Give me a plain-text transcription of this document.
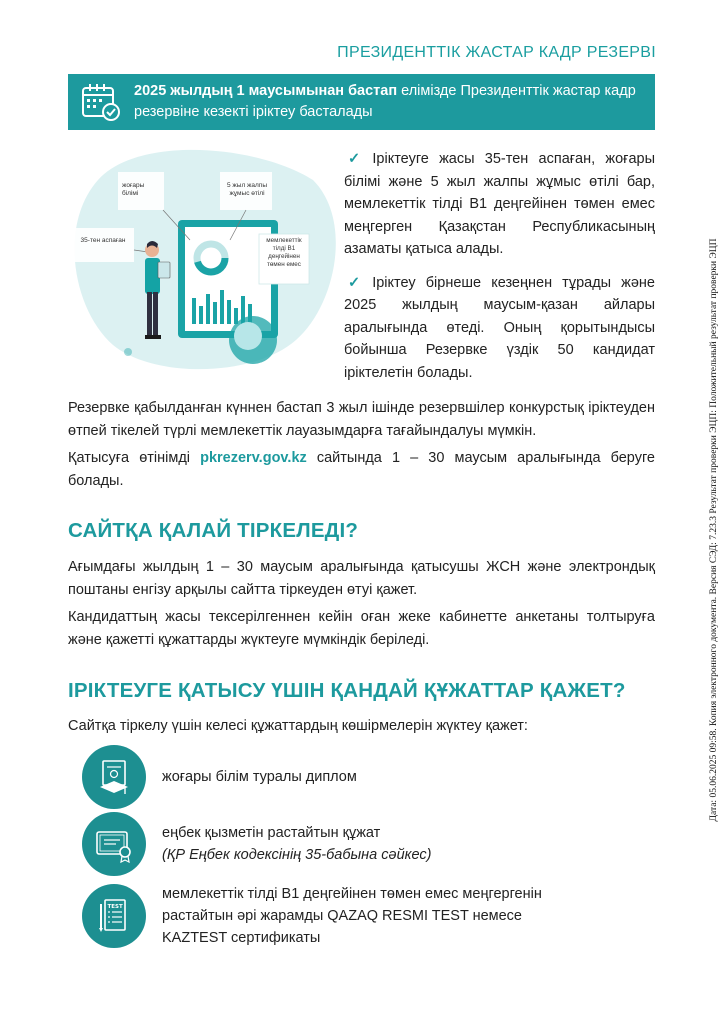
ПРЕЗИДЕНТТІК ЖАСТАР КАДР РЕЗЕРВІ
2025 жылдың 1 маусымынан бастап елімізде Президенттік жастар кадр резервіне кезекті іріктеу басталады
жоғары білімі
5 жыл жалпы жұмыс өтілі
35-тен аспаған	мемлекеттік тілді В1 деңгейінен төмен емес

✓ Іріктеуге жасы 35-тен аспаған, жоғары білімі және 5 жыл жалпы жұмыс өтілі бар, мемлекеттік тілді В1 деңгейінен төмен емес меңгерген Қазақстан Республикасының азаматы қатыса алады.

✓ Іріктеу бірнеше кезеңнен тұрады және 2025 жылдың маусым-қазан айлары аралығында өтеді. Оның қорытындысы бойынша Резервке үздік 50 кандидат іріктелетін болады.

Резервке қабылданған күннен бастап 3 жыл ішінде резервшілер конкурстық іріктеуден өтпей тікелей түрлі мемлекеттік лауазымдарға тағайындалуы мүмкін.

Қатысуға өтінімді pkrezerv.gov.kz сайтында 1 – 30 маусым аралығында беруге болады.

САЙТҚА ҚАЛАЙ ТІРКЕЛЕДІ?

Ағымдағы жылдың 1 – 30 маусым аралығында қатысушы ЖСН және электрондық поштаны енгізу арқылы сайтта тіркеуден өтуі қажет.

Кандидаттың жасы тексерілгеннен кейін оған жеке кабинетте анкетаны толтыруға және қажетті құжаттарды жүктеуге мүмкіндік беріледі.

ІРІКТЕУГЕ ҚАТЫСУ ҮШІН ҚАНДАЙ ҚҰЖАТТАР ҚАЖЕТ?

Сайтқа тіркелу үшін келесі құжаттардың көшірмелерін жүктеу қажет:

жоғары білім туралы диплом
еңбек қызметін растайтын құжат
(ҚР Еңбек кодексінің 35-бабына сәйкес)
TEST
мемлекеттік тілді В1 деңгейінен төмен емес меңгергенін растайтын әрі жарамды QAZAQ RESMI TEST немесе KAZTEST сертификаты
Дата: 05.06.2025 09:58. Копия электронного документа. Версия СЭД: 7.23.3 Результат проверки ЭЦП: Положительный результат проверки ЭЦП
